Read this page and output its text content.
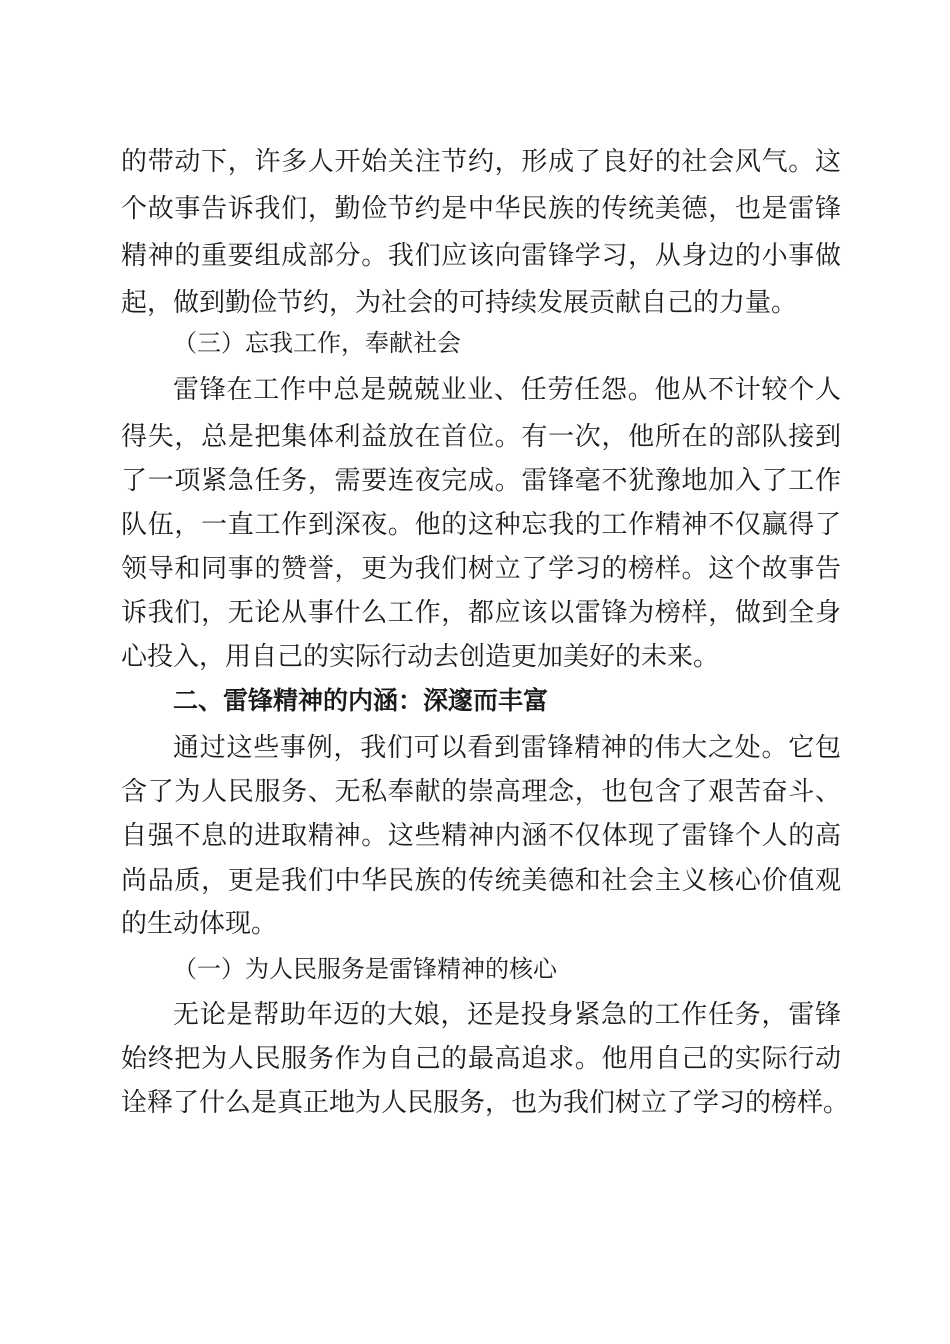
的带动下，许多人开始关注节约，形成了良好的社会风气。这
个故事告诉我们，勤俭节约是中华民族的传统美德，也是雷锋
精神的重要组成部分。我们应该向雷锋学习，从身边的小事做
起，做到勤俭节约，为社会的可持续发展贡献自己的力量。
（三）忘我工作，奉献社会
雷锋在工作中总是兢兢业业、任劳任怨。他从不计较个人
得失，总是把集体利益放在首位。有一次，他所在的部队接到
了一项紧急任务，需要连夜完成。雷锋毫不犹豫地加入了工作
队伍，一直工作到深夜。他的这种忘我的工作精神不仅赢得了
领导和同事的赞誉，更为我们树立了学习的榜样。这个故事告
诉我们，无论从事什么工作，都应该以雷锋为榜样，做到全身
心投入，用自己的实际行动去创造更加美好的未来。
二、雷锋精神的内涵：深邃而丰富
通过这些事例，我们可以看到雷锋精神的伟大之处。它包
含了为人民服务、无私奉献的崇高理念，也包含了艰苦奋斗、
自强不息的进取精神。这些精神内涵不仅体现了雷锋个人的高
尚品质，更是我们中华民族的传统美德和社会主义核心价值观
的生动体现。
（一）为人民服务是雷锋精神的核心
无论是帮助年迈的大娘，还是投身紧急的工作任务，雷锋
始终把为人民服务作为自己的最高追求。他用自己的实际行动
诠释了什么是真正地为人民服务，也为我们树立了学习的榜样。
